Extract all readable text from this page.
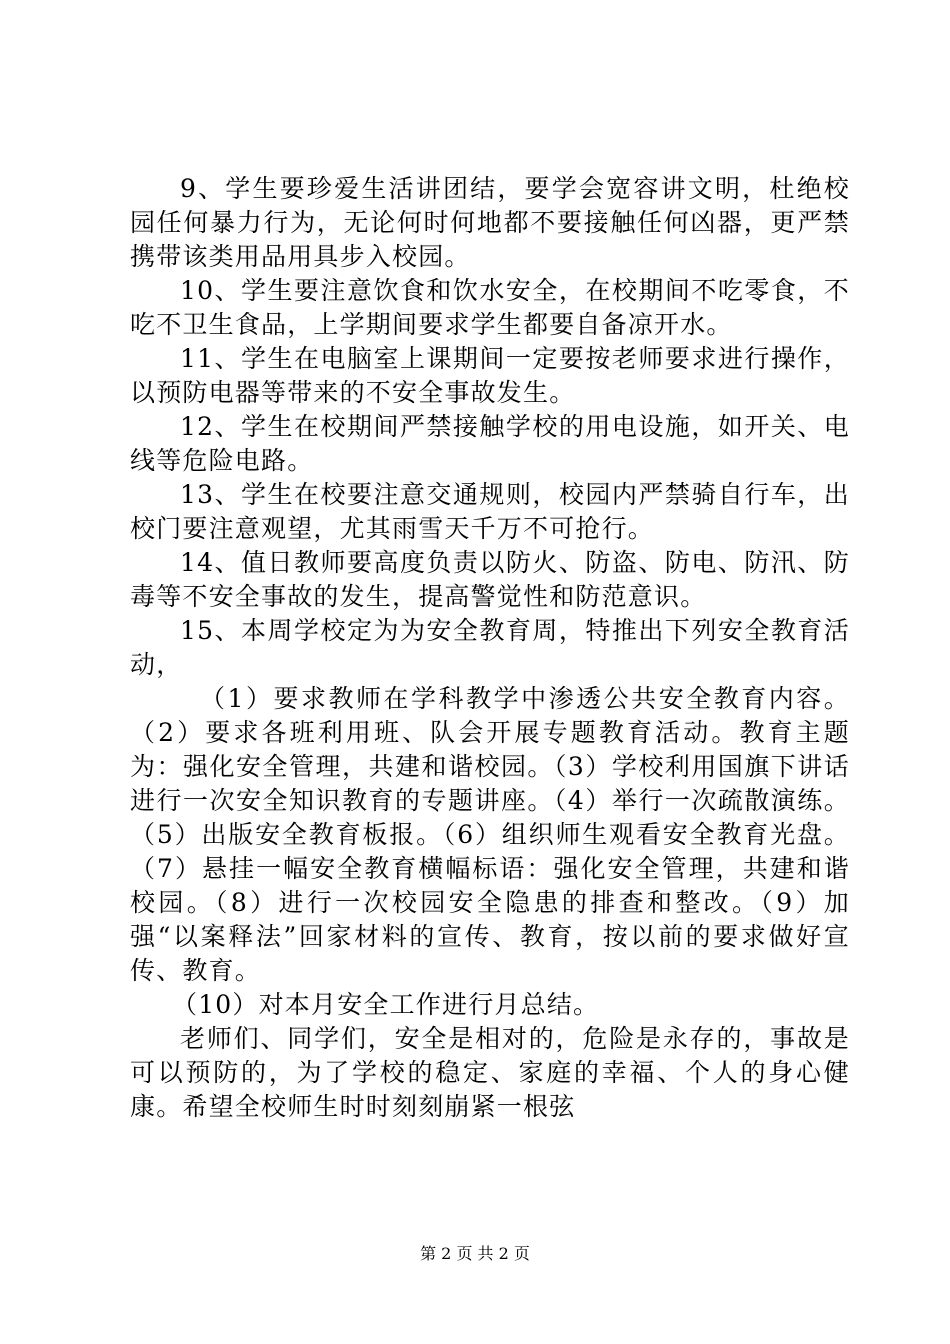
9、学生要珍爱生活讲团结，要学会宽容讲文明，杜绝校园任何暴力行为，无论何时何地都不要接触任何凶器，更严禁携带该类用品用具步入校园。

10、学生要注意饮食和饮水安全，在校期间不吃零食，不吃不卫生食品，上学期间要求学生都要自备凉开水。

11、学生在电脑室上课期间一定要按老师要求进行操作，以预防电器等带来的不安全事故发生。

12、学生在校期间严禁接触学校的用电设施，如开关、电线等危险电路。

13、学生在校要注意交通规则，校园内严禁骑自行车，出校门要注意观望，尤其雨雪天千万不可抢行。

14、值日教师要高度负责以防火、防盗、防电、防汛、防毒等不安全事故的发生，提高警觉性和防范意识。

15、本周学校定为为安全教育周，特推出下列安全教育活动，

（1）要求教师在学科教学中渗透公共安全教育内容。（2）要求各班利用班、队会开展专题教育活动。教育主题为：强化安全管理，共建和谐校园。（3）学校利用国旗下讲话进行一次安全知识教育的专题讲座。（4）举行一次疏散演练。（5）出版安全教育板报。（6）组织师生观看安全教育光盘。（7）悬挂一幅安全教育横幅标语：强化安全管理，共建和谐校园。（8）进行一次校园安全隐患的排查和整改。（9）加强“以案释法”回家材料的宣传、教育，按以前的要求做好宣传、教育。

（10）对本月安全工作进行月总结。

老师们、同学们，安全是相对的，危险是永存的，事故是可以预防的，为了学校的稳定、家庭的幸福、个人的身心健康。希望全校师生时时刻刻崩紧一根弦

第 2 页 共 2 页
